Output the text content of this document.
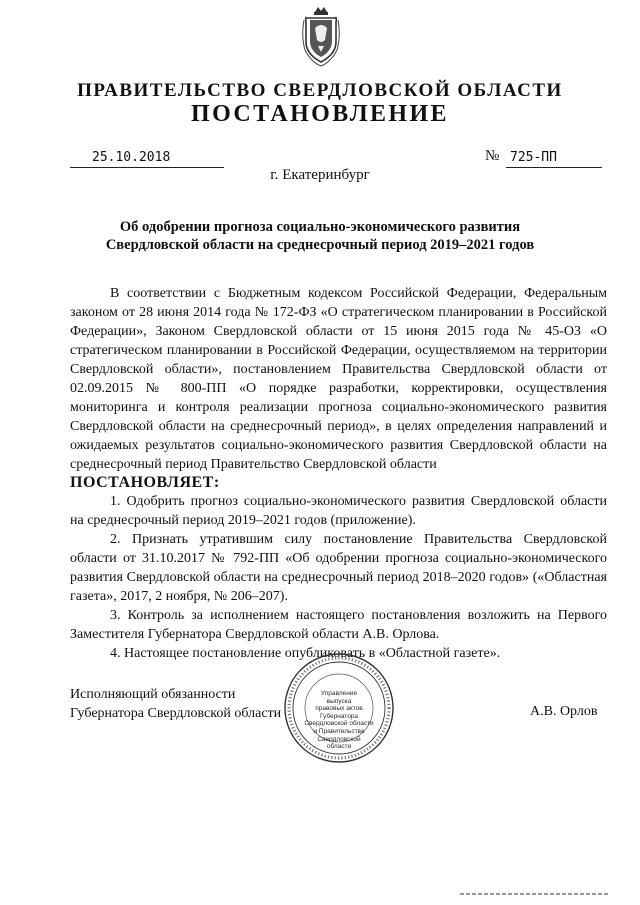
ПРАВИТЕЛЬСТВО СВЕРДЛОВСКОЙ ОБЛАСТИ
ПОСТАНОВЛЕНИЕ
25.10.2018	№ 725-ПП
г. Екатеринбург
Об одобрении прогноза социально-экономического развития
Свердловской области на среднесрочный период 2019–2021 годов

В соответствии с Бюджетным кодексом Российской Федерации, Федеральным законом от 28 июня 2014 года № 172-ФЗ «О стратегическом планировании в Российской Федерации», Законом Свердловской области от 15 июня 2015 года № 45-ОЗ «О стратегическом планировании в Российской Федерации, осуществляемом на территории Свердловской области», постановлением Правительства Свердловской области от 02.09.2015 № 800-ПП «О порядке разработки, корректировки, осуществления мониторинга и контроля реализации прогноза социально-экономического развития Свердловской области на среднесрочный период», в целях определения направлений и ожидаемых результатов социально-экономического развития Свердловской области на среднесрочный период Правительство Свердловской области

ПОСТАНОВЛЯЕТ:

1. Одобрить прогноз социально-экономического развития Свердловской области на среднесрочный период 2019–2021 годов (приложение).

2. Признать утратившим силу постановление Правительства Свердловской области от 31.10.2017 № 792-ПП «Об одобрении прогноза социально-экономического развития Свердловской области на среднесрочный период 2018–2020 годов» («Областная газета», 2017, 2 ноября, № 206–207).

3. Контроль за исполнением настоящего постановления возложить на Первого Заместителя Губернатора Свердловской области А.В. Орлова.

4. Настоящее постановление опубликовать в «Областной газете».

Исполняющий обязанности
Губернатора Свердловской области	А.В. Орлов
Управление
выпуска
правовых актов
Губернатора
Свердловской области
и Правительства
Свердловской
области
